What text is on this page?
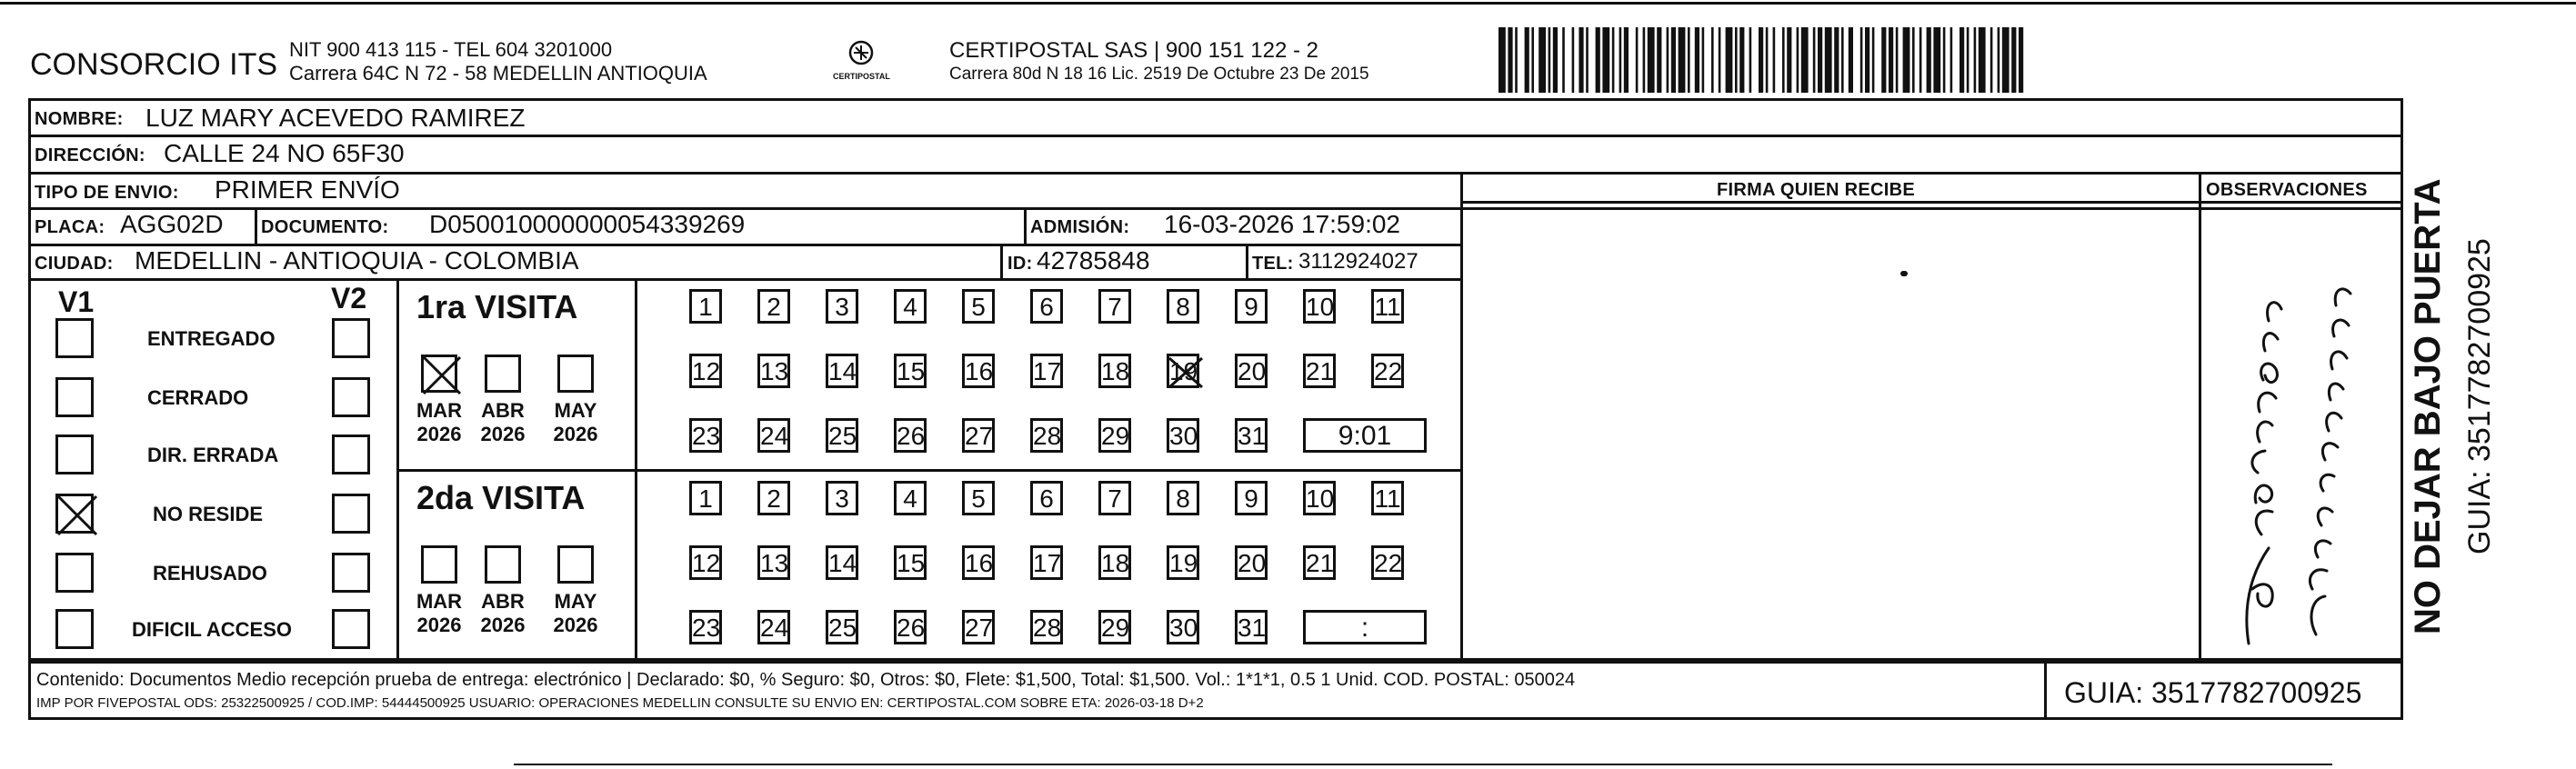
CONSORCIO ITS NIT 900 413 115 - TEL 604 3201000
Carrera 64C N 72 - 58 MEDELLIN ANTIOQUIA	CERTIPOSTAL
CERTIPOSTAL SAS | 900 151 122 - 2
Carrera 80d N 18 16 Lic. 2519 De Octubre 23 De 2015
NOMBRE: LUZ MARY ACEVEDO RAMIREZ
DIRECCIÓN: CALLE 24 NO 65F30
TIPO DE ENVIO: PRIMER ENVÍO
PLACA: AGG02D DOCUMENTO: D050010000000054339269	ADMISIÓN: 16-03-2026 17:59:02
CIUDAD: MEDELLIN - ANTIOQUIA - COLOMBIA	ID: 42785848	TEL: 3112924027
FIRMA QUIEN RECIBE	OBSERVACIONES
V1	V2
ENTREGADO
CERRADO
DIR. ERRADA
NO RESIDE
REHUSADO
DIFICIL ACCESO
1ra VISITA
MAR
2026
ABR
2026
MAY
2026
1	2	3	4	5	6	7	8	9	10 11
12 13 14 15 16 17 18 19 20 21 22
23 24 25 26 27 28 29 30 31	9:01
2da VISITA
MAR
2026
ABR
2026
MAY
2026
1	2	3	4	5	6	7	8	9	10 11
12 13 14 15 16 17 18 19 20 21 22
23 24 25 26 27 28 29 30 31	:
Contenido: Documentos Medio recepción prueba de entrega: electrónico | Declarado: $0, % Seguro: $0, Otros: $0, Flete: $1,500, Total: $1,500. Vol.: 1*1*1, 0.5 1 Unid. COD. POSTAL: 050024
IMP POR FIVEPOSTAL ODS: 25322500925 / COD.IMP: 54444500925 USUARIO: OPERACIONES MEDELLIN CONSULTE SU ENVIO EN: CERTIPOSTAL.COM SOBRE ETA: 2026-03-18 D+2	GUIA: 3517782700925
NO DEJAR BAJO PUERTA GUIA: 3517782700925
